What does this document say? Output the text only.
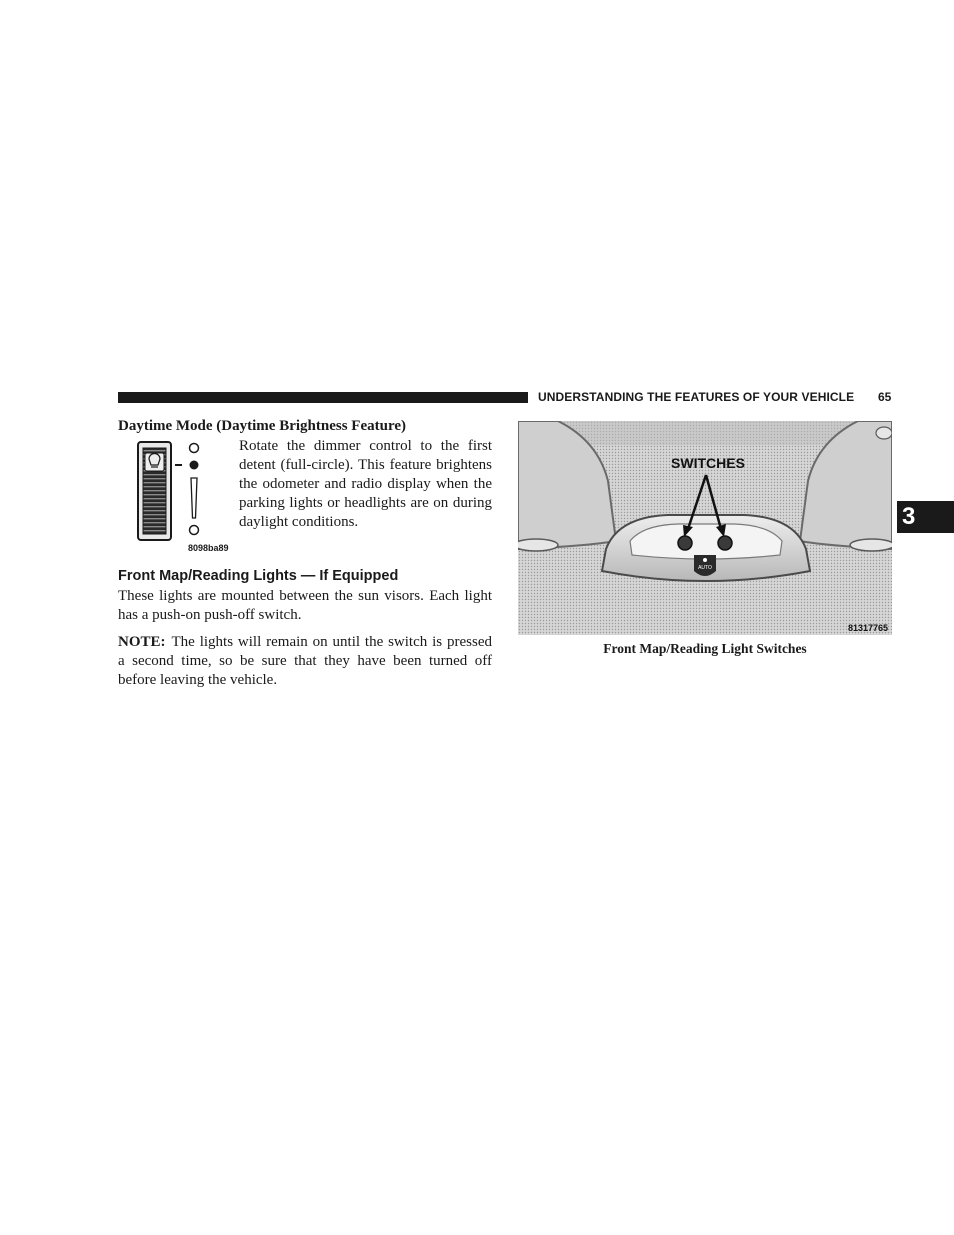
UNDERSTANDING THE FEATURES OF YOUR VEHICLE	65
3
Daytime Mode (Daytime Brightness Feature)
8098ba89

Rotate the dimmer control to the first detent (full-circle). This feature brightens the odometer and radio display when the parking lights or headlights are on during daylight conditions.

Front Map/Reading Lights — If Equipped

These lights are mounted between the sun visors. Each light has a push-on push-off switch.

NOTE: The lights will remain on until the switch is pressed a second time, so be sure that they have been turned off before leaving the vehicle.

AUTO
SWITCHES
81317765
Front Map/Reading Light Switches
